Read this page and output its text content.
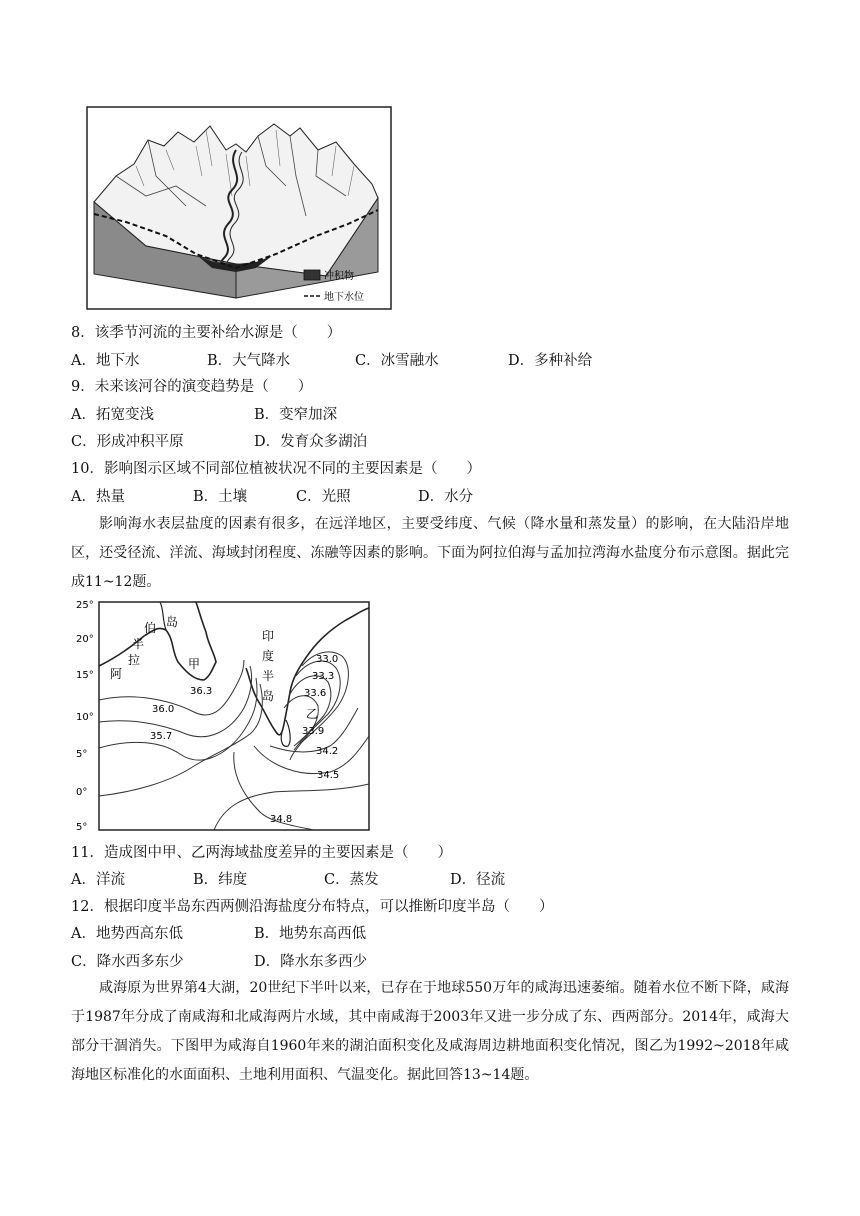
冲积物
地下水位
8．该季节河流的主要补给水源是（　　）
A．地下水	B．大气降水	C．冰雪融水	D．多种补给
9．未来该河谷的演变趋势是（　　）
A．拓宽变浅	B．变窄加深
C．形成冲积平原	D．发育众多湖泊
10．影响图示区域不同部位植被状况不同的主要因素是（　　）
A．热量	B．土壤	C．光照	D．水分
影响海水表层盐度的因素有很多，在远洋地区，主要受纬度、气候（降水量和蒸发量）的影响，在大陆沿岸地区，还受径流、洋流、海域封闭程度、冻融等因素的影响。下面为阿拉伯海与孟加拉湾海水盐度分布示意图。据此完成11~12题。
25°
20°
15°
10°
5°
0°
5°
伯
半
拉
阿
岛
印
度
半
岛
甲
乙
36.3
36.0
35.7
33.0
33.3
33.6
33.9
34.2
34.5
34.8
11．造成图中甲、乙两海域盐度差异的主要因素是（　　）
A．洋流	B．纬度	C．蒸发	D．径流
12．根据印度半岛东西两侧沿海盐度分布特点，可以推断印度半岛（　　）
A．地势西高东低	B．地势东高西低
C．降水西多东少	D．降水东多西少
咸海原为世界第4大湖，20世纪下半叶以来，已存在于地球550万年的咸海迅速萎缩。随着水位不断下降，咸海于1987年分成了南咸海和北咸海两片水域，其中南咸海于2003年又进一步分成了东、西两部分。2014年，咸海大部分干涸消失。下图甲为咸海自1960年来的湖泊面积变化及咸海周边耕地面积变化情况，图乙为1992~2018年咸海地区标准化的水面面积、土地利用面积、气温变化。据此回答13~14题。
